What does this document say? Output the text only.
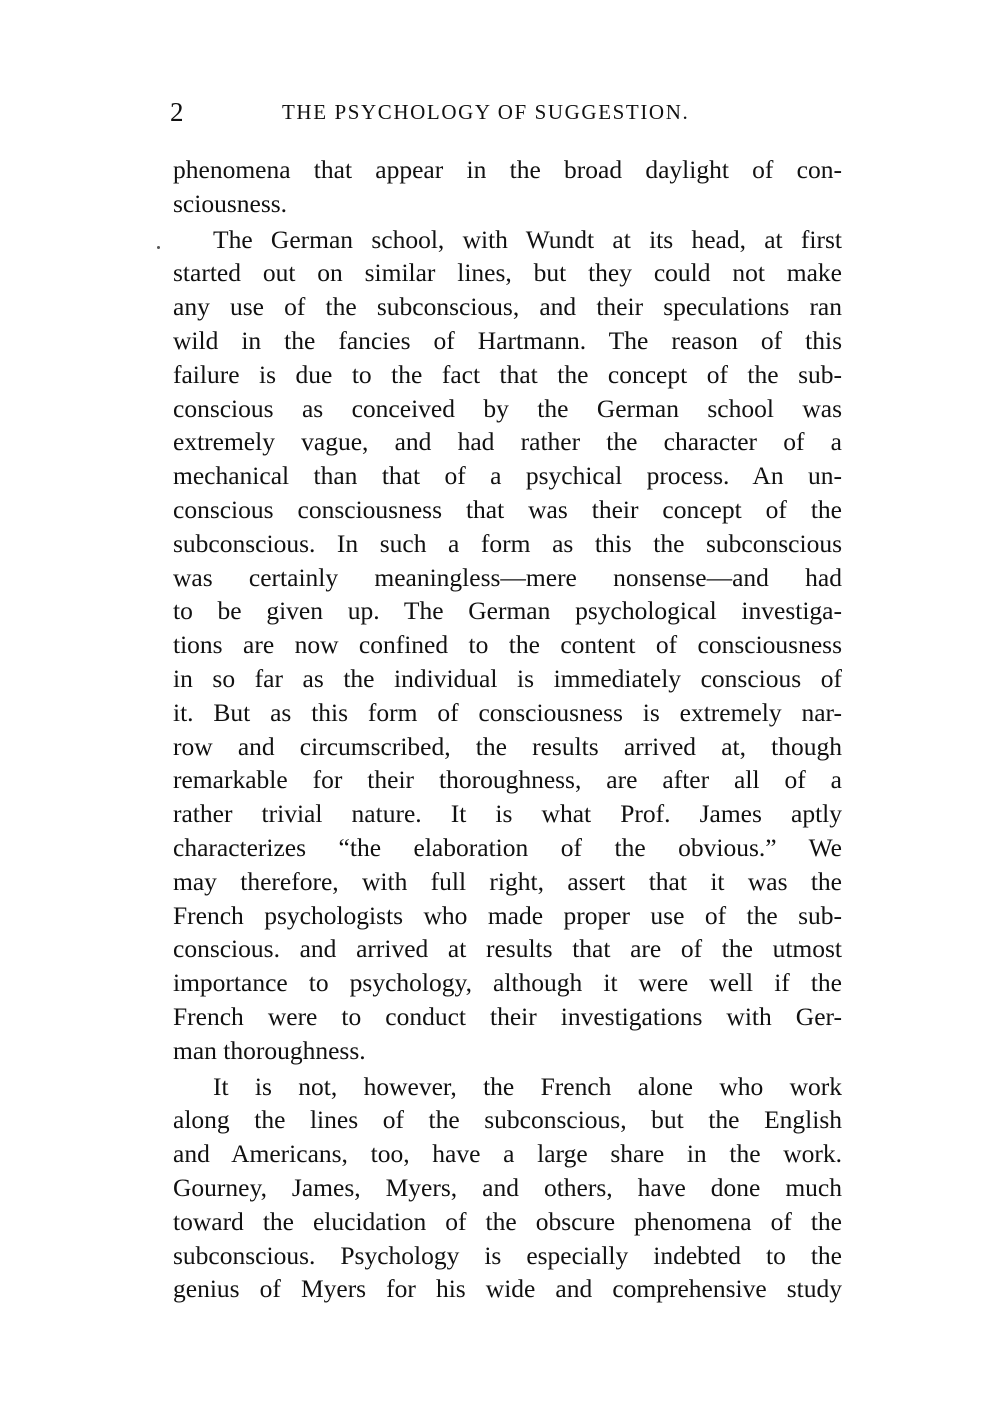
2	THE PSYCHOLOGY OF SUGGESTION.
phenomena that appear in the broad daylight of con-
sciousness.
The German school, with Wundt at its head, at first
started out on similar lines, but they could not make
any use of the subconscious, and their speculations ran
wild in the fancies of Hartmann. The reason of this
failure is due to the fact that the concept of the sub-
conscious as conceived by the German school was
extremely vague, and had rather the character of a
mechanical than that of a psychical process. An un-
conscious consciousness that was their concept of the
subconscious. In such a form as this the subconscious
was certainly meaningless—mere nonsense—and had
to be given up. The German psychological investiga-
tions are now confined to the content of consciousness
in so far as the individual is immediately conscious of
it. But as this form of consciousness is extremely nar-
row and circumscribed, the results arrived at, though
remarkable for their thoroughness, are after all of a
rather trivial nature. It is what Prof. James aptly
characterizes “the elaboration of the obvious.” We
may therefore, with full right, assert that it was the
French psychologists who made proper use of the sub-
conscious. and arrived at results that are of the utmost
importance to psychology, although it were well if the
French were to conduct their investigations with Ger-
man thoroughness.
It is not, however, the French alone who work
along the lines of the subconscious, but the English
and Americans, too, have a large share in the work.
Gourney, James, Myers, and others, have done much
toward the elucidation of the obscure phenomena of the
subconscious. Psychology is especially indebted to the
genius of Myers for his wide and comprehensive study
